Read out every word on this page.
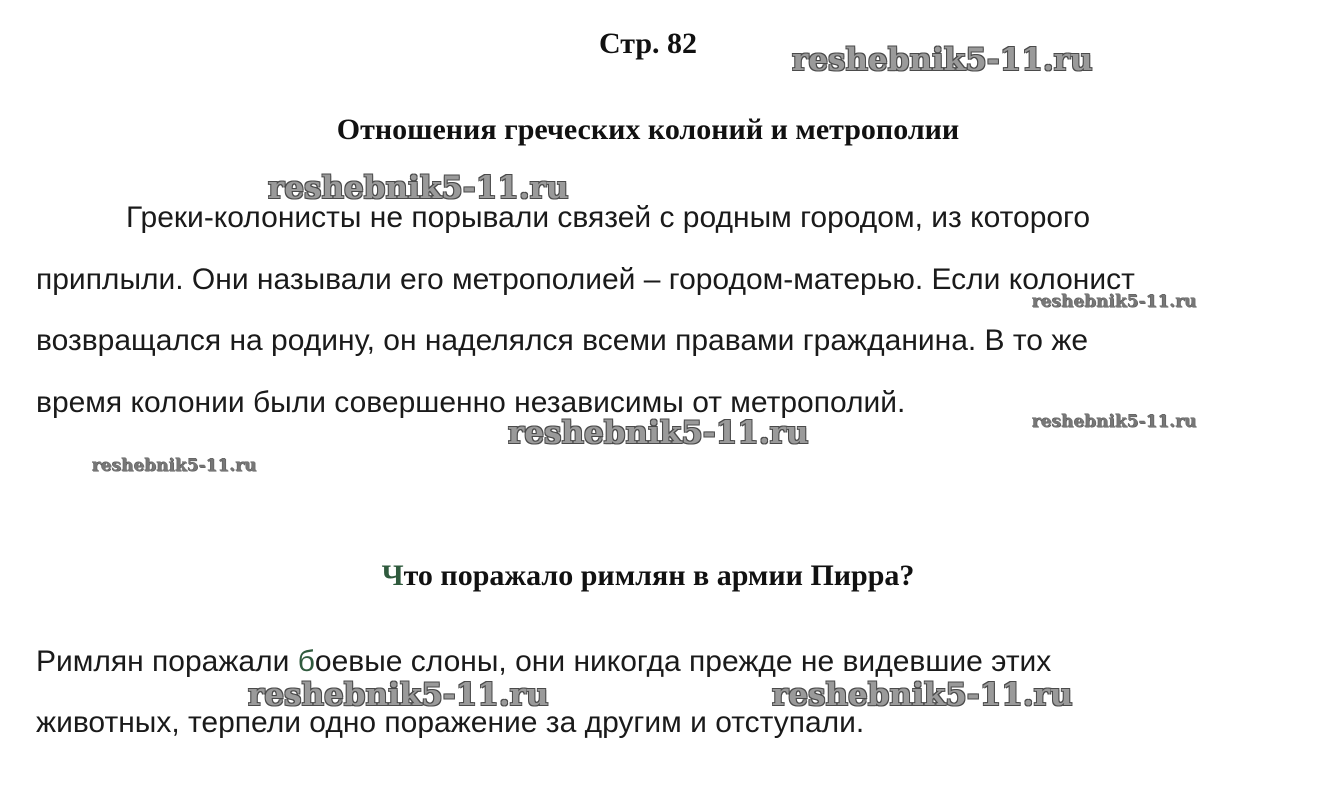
Стр. 82
Отношения греческих колоний и метрополии
Греки-колонисты не порывали связей с родным городом, из которого
приплыли. Они называли его метрополией – городом-матерью. Если колонист
возвращался на родину, он наделялся всеми правами гражданина. В то же
время колонии были совершенно независимы от метрополий.
Что поражало римлян в армии Пирра?
Римлян поражали боевые слоны, они никогда прежде не видевшие этих
животных, терпели одно поражение за другим и отступали.
reshebnik5-11.ru
reshebnik5-11.ru
reshebnik5-11.ru
reshebnik5-11.ru
reshebnik5-11.ru
reshebnik5-11.ru
reshebnik5-11.ru	reshebnik5-11.ru
